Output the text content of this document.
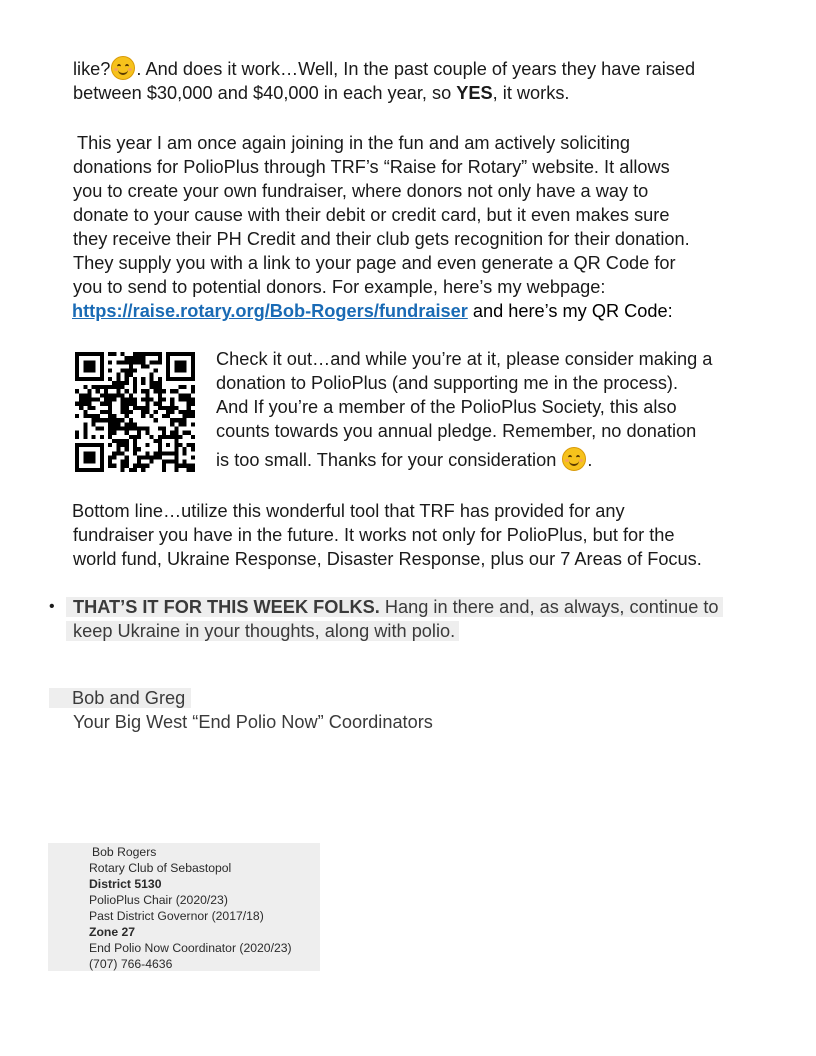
like? . And does it work…Well, In the past couple of years they have raised
between $30,000 and $40,000 in each year, so YES, it works.

This year I am once again joining in the fun and am actively soliciting
donations for PolioPlus through TRF’s “Raise for Rotary” website. It allows
you to create your own fundraiser, where donors not only have a way to
donate to your cause with their debit or credit card, but it even makes sure
they receive their PH Credit and their club gets recognition for their donation.
They supply you with a link to your page and even generate a QR Code for
you to send to potential donors. For example, here’s my webpage:
https://raise.rotary.org/Bob-Rogers/fundraiser and here’s my QR Code:

Check it out…and while you’re at it, please consider making a
donation to PolioPlus (and supporting me in the process).
And If you’re a member of the PolioPlus Society, this also
counts towards you annual pledge. Remember, no donation
is too small. Thanks for your consideration
.

Bottom line…utilize this wonderful tool that TRF has provided for any
fundraiser you have in the future. It works not only for PolioPlus, but for the
world fund, Ukraine Response, Disaster Response, plus our 7 Areas of Focus.

•	THAT’S IT FOR THIS WEEK FOLKS. Hang in there and, as always, continue to
keep Ukraine in your thoughts, along with polio.

Bob and Greg
Your Big West “End Polio Now” Coordinators

Bob Rogers
Rotary Club of Sebastopol
District 5130
PolioPlus Chair (2020/23)
Past District Governor (2017/18)
Zone 27
End Polio Now Coordinator (2020/23)
(707) 766-4636
